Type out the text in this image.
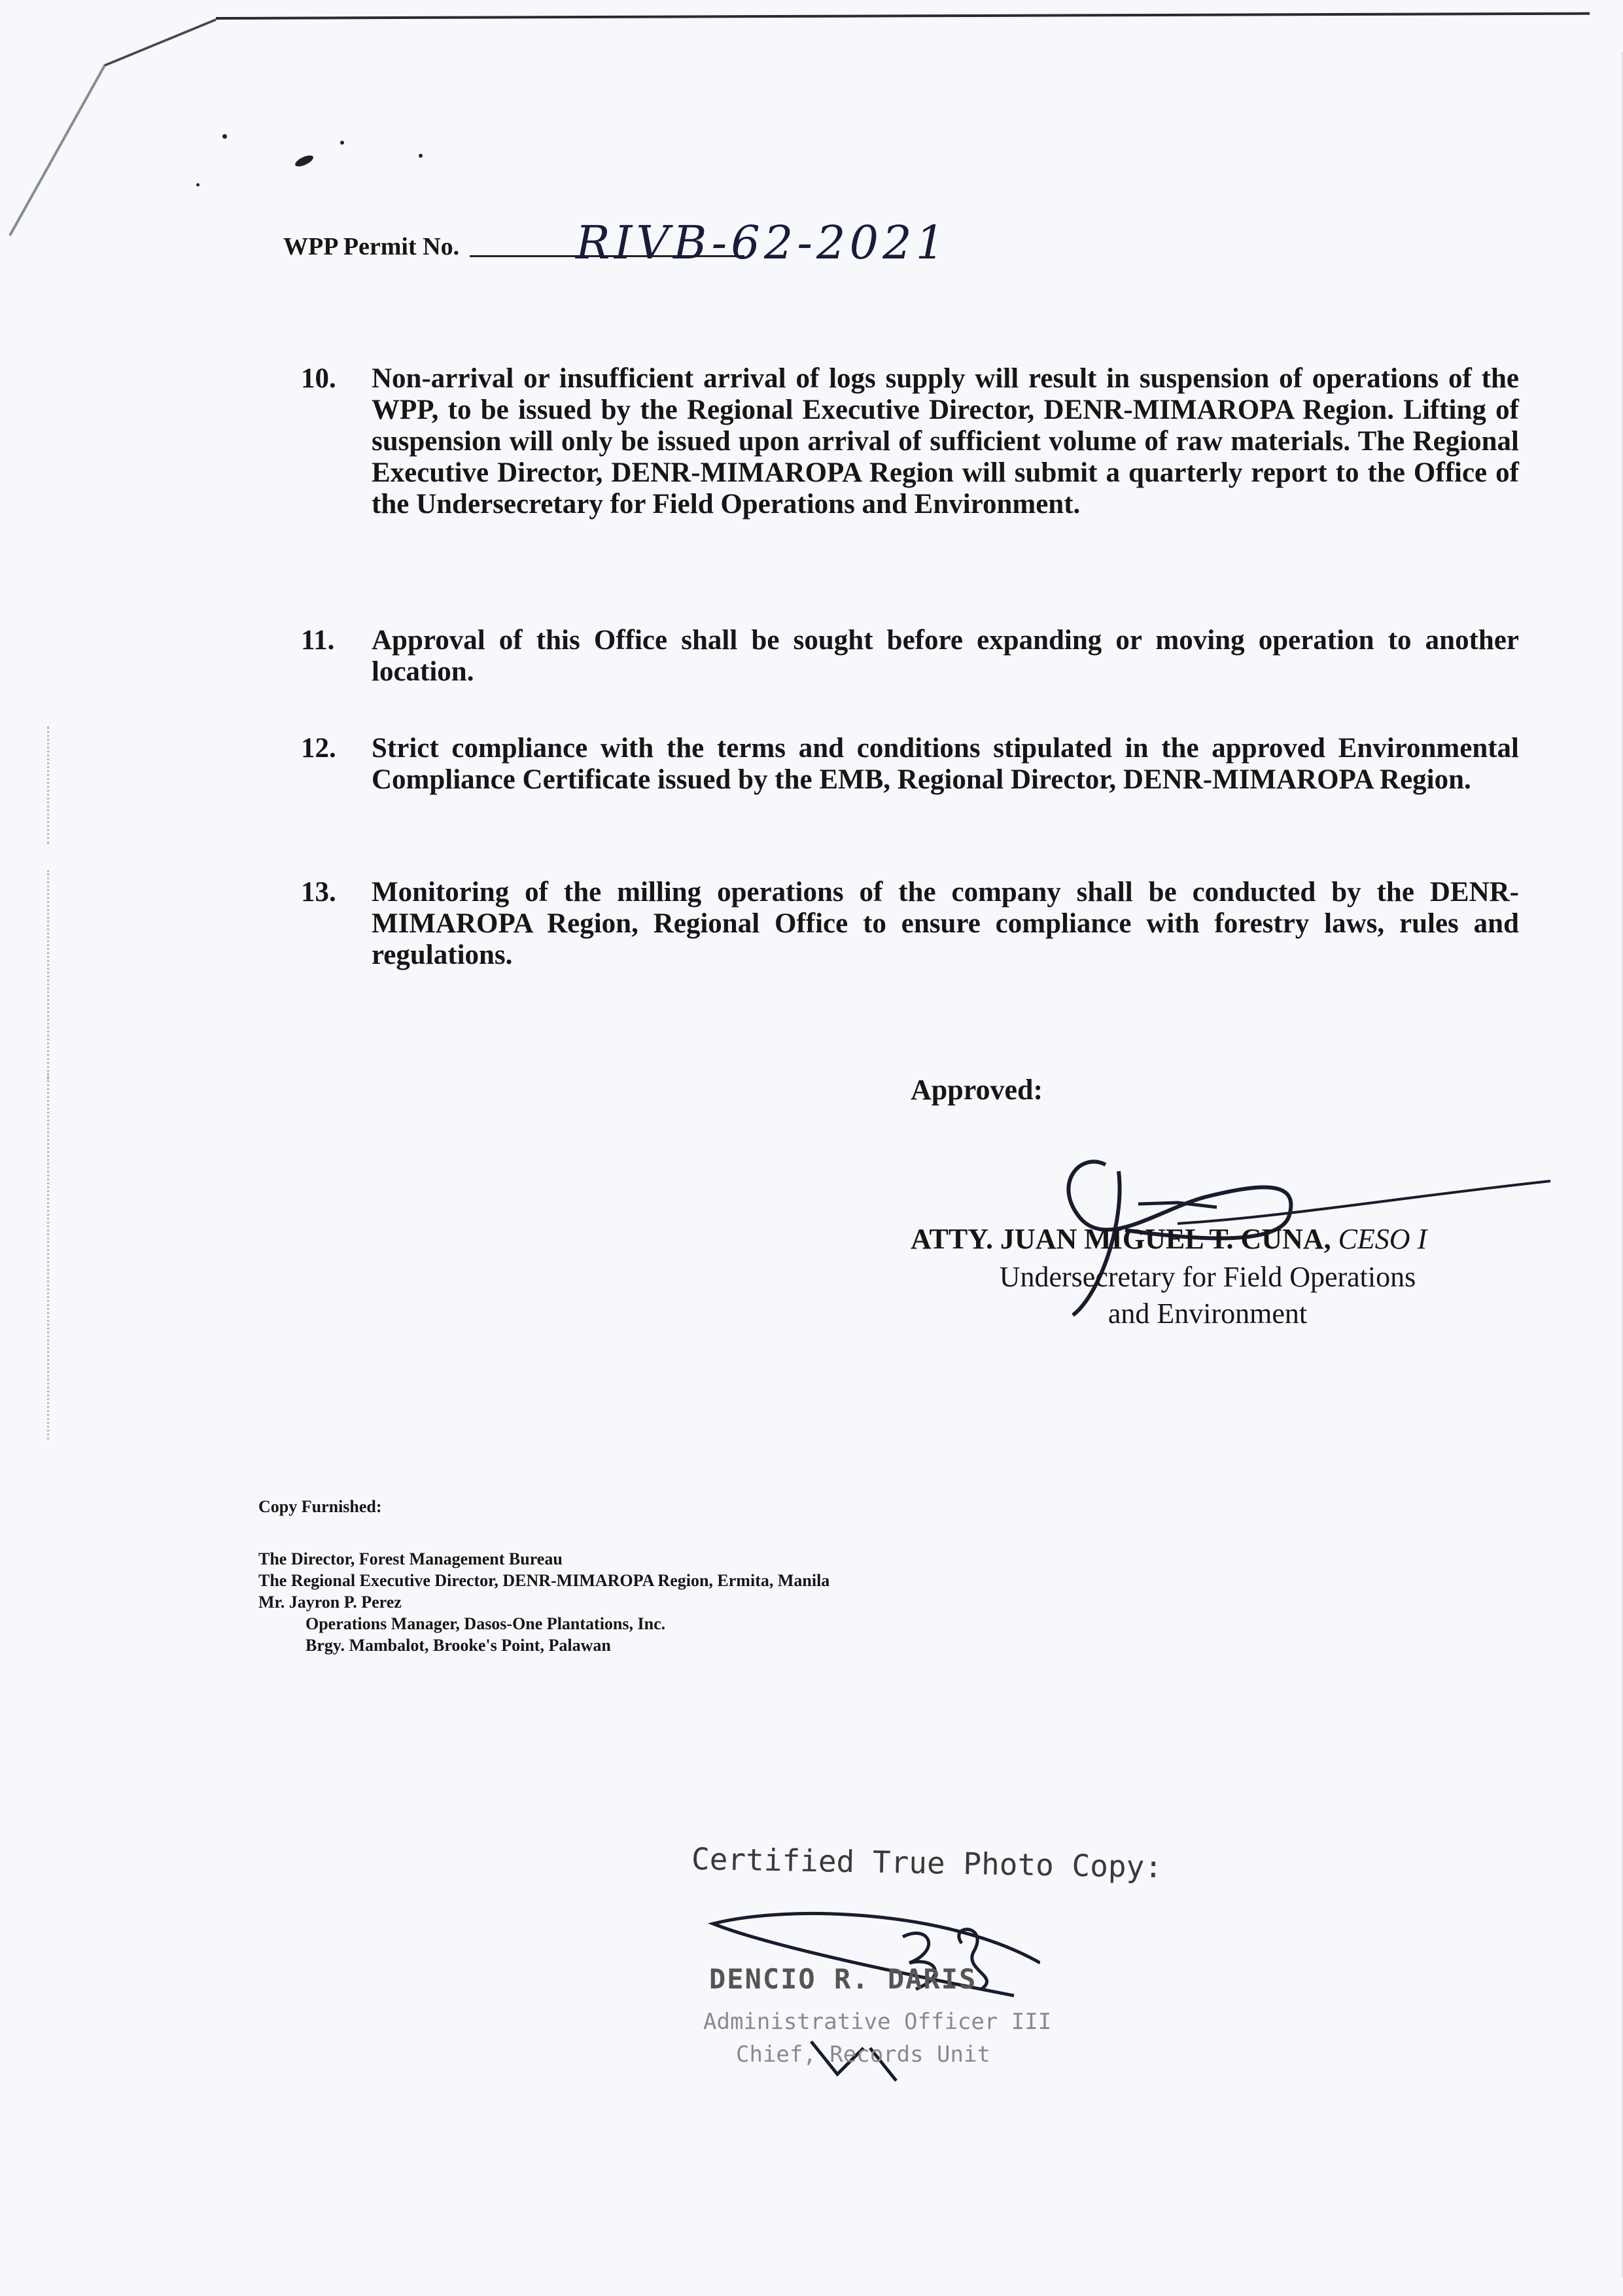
WPP Permit No.	RIVB-62-2021
10. Non-arrival or insufficient arrival of logs supply will result in suspension of operations of the WPP, to be issued by the Regional Executive Director, DENR-MIMAROPA Region. Lifting of suspension will only be issued upon arrival of sufficient volume of raw materials. The Regional Executive Director, DENR-MIMAROPA Region will submit a quarterly report to the Office of the Undersecretary for Field Operations and Environment.
11. Approval of this Office shall be sought before expanding or moving operation to another location.
12. Strict compliance with the terms and conditions stipulated in the approved Environmental Compliance Certificate issued by the EMB, Regional Director, DENR-MIMAROPA Region.
13. Monitoring of the milling operations of the company shall be conducted by the DENR-MIMAROPA Region, Regional Office to ensure compliance with forestry laws, rules and regulations.
Approved:
ATTY. JUAN MIGUEL T. CUNA, CESO I
Undersecretary for Field Operations
and Environment
Copy Furnished:
The Director, Forest Management Bureau
The Regional Executive Director, DENR-MIMAROPA Region, Ermita, Manila
Mr. Jayron P. Perez
Operations Manager, Dasos-One Plantations, Inc.
Brgy. Mambalot, Brooke's Point, Palawan
Certified True Photo Copy:
DENCIO R. DARIS
Administrative Officer III
Chief, Records Unit
